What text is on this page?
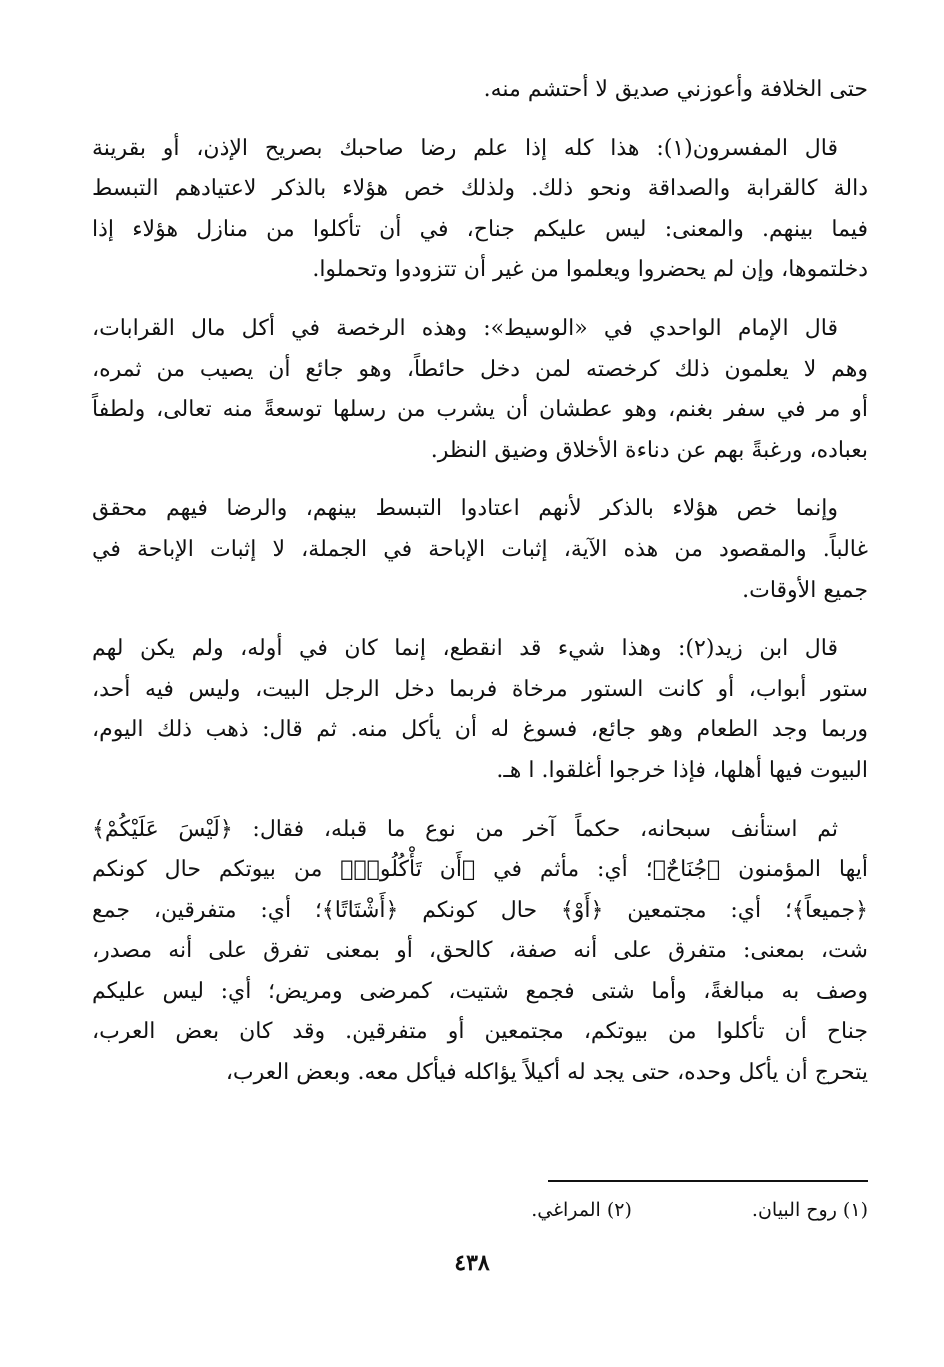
حتى الخلافة وأعوزني صديق لا أحتشم منه.
قال المفسرون(١): هذا كله إذا علم رضا صاحبك بصريح الإذن، أو بقرينة
دالة كالقرابة والصداقة ونحو ذلك. ولذلك خص هؤلاء بالذكر لاعتيادهم التبسط
فيما بينهم. والمعنى: ليس عليكم جناح، في أن تأكلوا من منازل هؤلاء إذا
دخلتموها، وإن لم يحضروا ويعلموا من غير أن تتزودوا وتحملوا.
قال الإمام الواحدي في «الوسيط»: وهذه الرخصة في أكل مال القرابات،
وهم لا يعلمون ذلك كرخصته لمن دخل حائطاً، وهو جائع أن يصيب من ثمره،
أو مر في سفر بغنم، وهو عطشان أن يشرب من رسلها توسعةً منه تعالى، ولطفاً
بعباده، ورغبةً بهم عن دناءة الأخلاق وضيق النظر.
وإنما خص هؤلاء بالذكر لأنهم اعتادوا التبسط بينهم، والرضا فيهم محقق
غالباً. والمقصود من هذه الآية، إثبات الإباحة في الجملة، لا إثبات الإباحة في
جميع الأوقات.
قال ابن زيد(٢): وهذا شيء قد انقطع، إنما كان في أوله، ولم يكن لهم
ستور أبواب، أو كانت الستور مرخاة فربما دخل الرجل البيت، وليس فيه أحد،
وربما وجد الطعام وهو جائع، فسوغ له أن يأكل منه. ثم قال: ذهب ذلك اليوم،
البيوت فيها أهلها، فإذا خرجوا أغلقوا. ا هـ.
ثم استأنف سبحانه، حكماً آخر من نوع ما قبله، فقال: ﴿لَيْسَ عَلَيْكُمْ﴾
أيها المؤمنون ﴿جُنَاحٌ﴾؛ أي: مأثم في ﴿أَن تَأْكُلُوا۟﴾ من بيوتكم حال كونكم
﴿جميعاً﴾؛ أي: مجتمعين ﴿أَوْ﴾ حال كونكم ﴿أَشْتَاتًا﴾؛ أي: متفرقين، جمع
شت، بمعنى: متفرق على أنه صفة، كالحق، أو بمعنى تفرق على أنه مصدر،
وصف به مبالغةً، وأما شتى فجمع شتيت، كمرضى ومريض؛ أي: ليس عليكم
جناح أن تأكلوا من بيوتكم، مجتمعين أو متفرقين. وقد كان بعض العرب،
يتحرج أن يأكل وحده، حتى يجد له أكيلاً يؤاكله فيأكل معه. وبعض العرب،
(١) روح البيان.
(٢) المراغي.
٤٣٨
